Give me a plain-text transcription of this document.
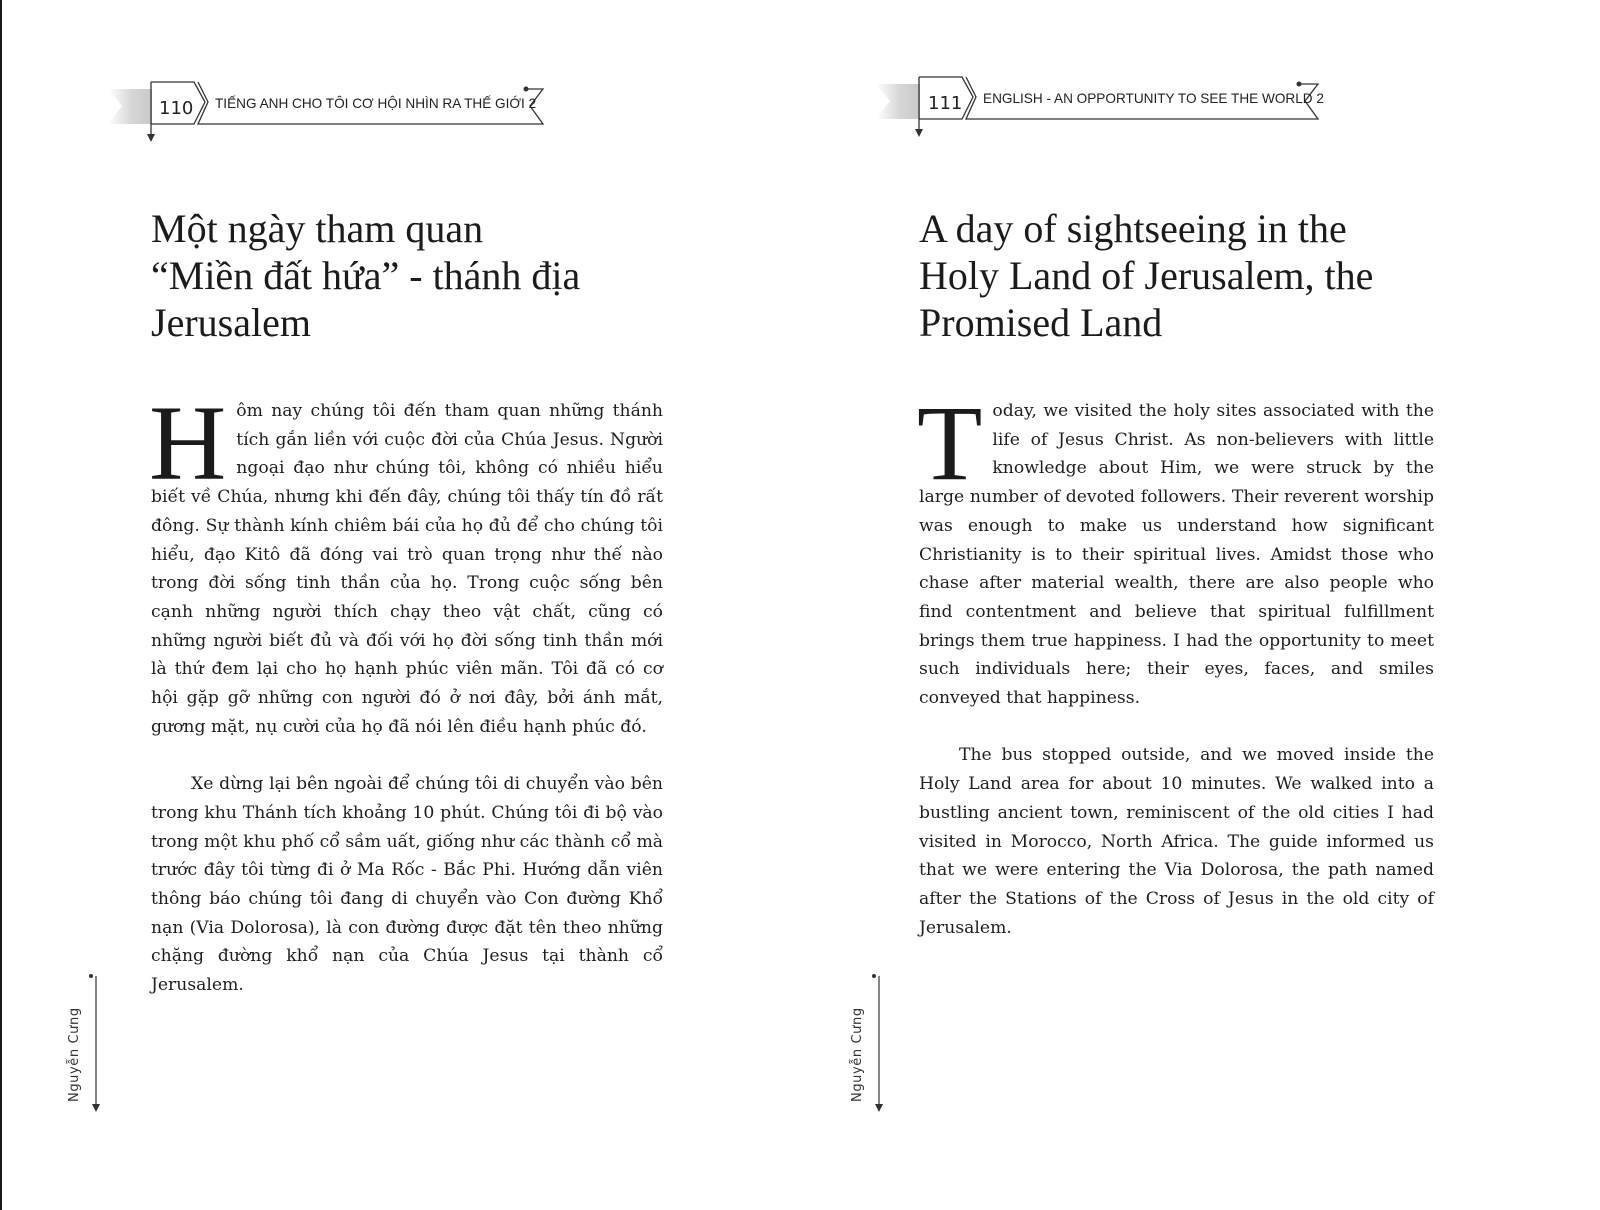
110 TIẾNG ANH CHO TÔI CƠ HỘI NHÌN RA THẾ GIỚI 2
Một ngày tham quan
“Miền đất hứa” - thánh địa
Jerusalem

Hôm nay chúng tôi đến tham quan những thánh tích gắn liền với cuộc đời của Chúa Jesus. Người ngoại đạo như chúng tôi, không có nhiều hiểu biết về Chúa, nhưng khi đến đây, chúng tôi thấy tín đồ rất đông. Sự thành kính chiêm bái của họ đủ để cho chúng tôi hiểu, đạo Kitô đã đóng vai trò quan trọng như thế nào trong đời sống tinh thần của họ. Trong cuộc sống bên cạnh những người thích chạy theo vật chất, cũng có những người biết đủ và đối với họ đời sống tinh thần mới là thứ đem lại cho họ hạnh phúc viên mãn. Tôi đã có cơ hội gặp gỡ những con người đó ở nơi đây, bởi ánh mắt, gương mặt, nụ cười của họ đã nói lên điều hạnh phúc đó.

Xe dừng lại bên ngoài để chúng tôi di chuyển vào bên trong khu Thánh tích khoảng 10 phút. Chúng tôi đi bộ vào trong một khu phố cổ sầm uất, giống như các thành cổ mà trước đây tôi từng đi ở Ma Rốc - Bắc Phi. Hướng dẫn viên thông báo chúng tôi đang di chuyển vào Con đường Khổ nạn (Via Dolorosa), là con đường được đặt tên theo những chặng đường khổ nạn của Chúa Jesus tại thành cổ Jerusalem.

Nguyễn Cưng
111 ENGLISH - AN OPPORTUNITY TO SEE THE WORLD 2
A day of sightseeing in the
Holy Land of Jerusalem, the
Promised Land

Today, we visited the holy sites associated with the life of Jesus Christ. As non-believers with little knowledge about Him, we were struck by the large number of devoted followers. Their reverent worship was enough to make us understand how significant Christianity is to their spiritual lives. Amidst those who chase after material wealth, there are also people who find contentment and believe that spiritual fulfillment brings them true happiness. I had the opportunity to meet such individuals here; their eyes, faces, and smiles conveyed that happiness.

The bus stopped outside, and we moved inside the Holy Land area for about 10 minutes. We walked into a bustling ancient town, reminiscent of the old cities I had visited in Morocco, North Africa. The guide informed us that we were entering the Via Dolorosa, the path named after the Stations of the Cross of Jesus in the old city of Jerusalem.

Nguyễn Cưng
